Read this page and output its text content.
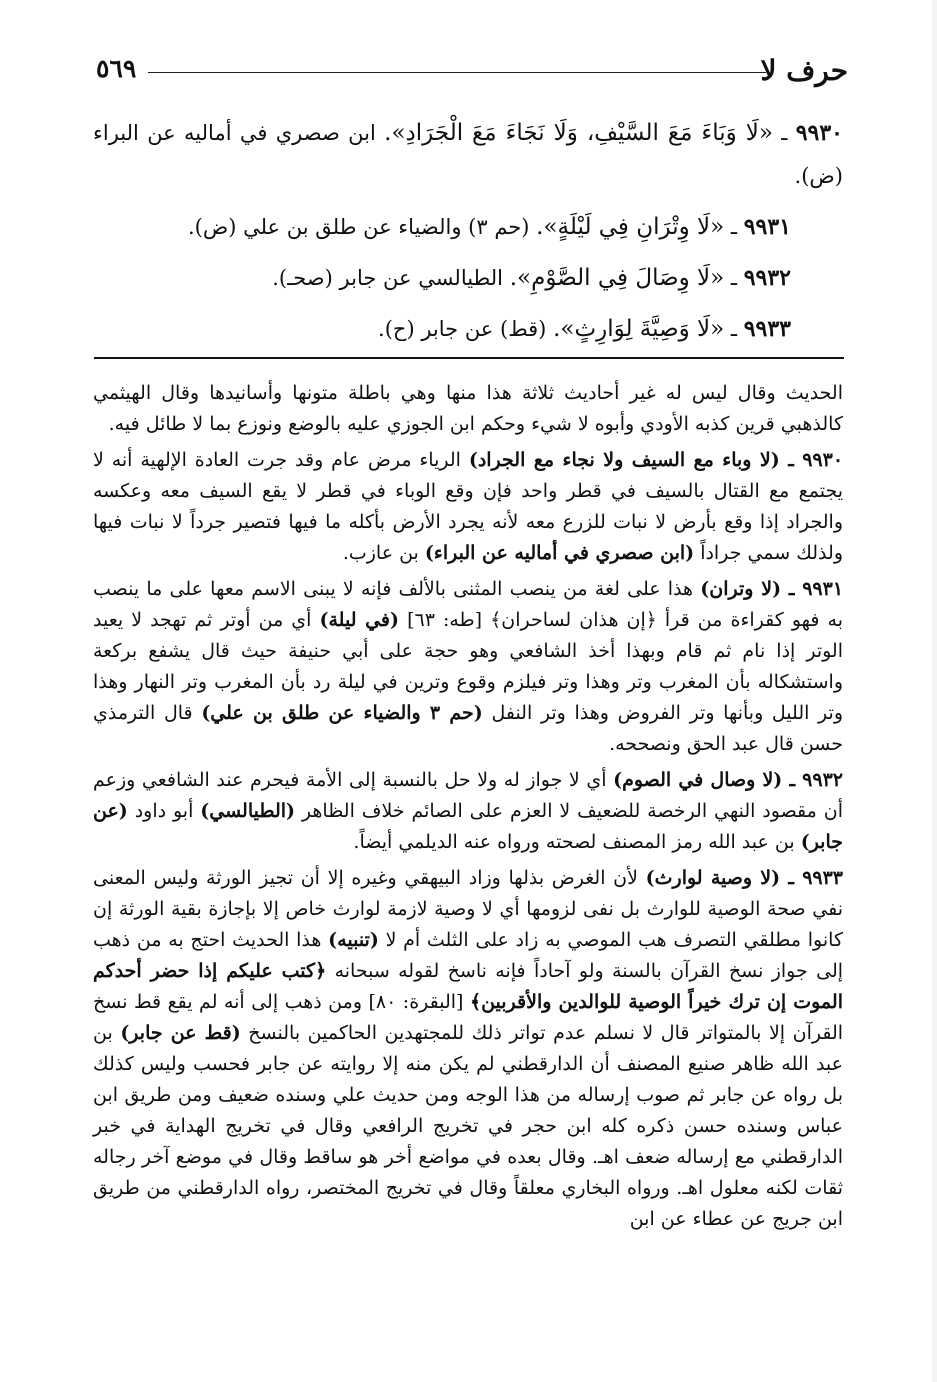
حرف لا
٥٦٩
٩٩٣٠ ـ «لَا وَبَاءَ مَعَ السَّيْفِ، وَلَا نَجَاءَ مَعَ الْجَرَادِ». ابن صصري في أماليه عن البراء (ض).
٩٩٣١ ـ «لَا وِتْرَانِ فِي لَيْلَةٍ». (حم ٣) والضياء عن طلق بن علي (ض).
٩٩٣٢ ـ «لَا وِصَالَ فِي الصَّوْمِ». الطيالسي عن جابر (صحـ).
٩٩٣٣ ـ «لَا وَصِيَّةَ لِوَارِثٍ». (قط) عن جابر (ح).

الحديث وقال ليس له غير أحاديث ثلاثة هذا منها وهي باطلة متونها وأسانيدها وقال الهيثمي كالذهبي قرين كذبه الأودي وأبوه لا شيء وحكم ابن الجوزي عليه بالوضع ونوزع بما لا طائل فيه.

٩٩٣٠ ـ (لا وباء مع السيف ولا نجاء مع الجراد) الرياء مرض عام وقد جرت العادة الإلهية أنه لا يجتمع مع القتال بالسيف في قطر واحد فإن وقع الوباء في قطر لا يقع السيف معه وعكسه والجراد إذا وقع بأرض لا نبات للزرع معه لأنه يجرد الأرض بأكله ما فيها فتصير جرداً لا نبات فيها ولذلك سمي جراداً (ابن صصري في أماليه عن البراء) بن عازب.

٩٩٣١ ـ (لا وتران) هذا على لغة من ينصب المثنى بالألف فإنه لا يبنى الاسم معها على ما ينصب به فهو كقراءة من قرأ ﴿إن هذان لساحران﴾ [طه: ٦٣] (في ليلة) أي من أوتر ثم تهجد لا يعيد الوتر إذا نام ثم قام وبهذا أخذ الشافعي وهو حجة على أبي حنيفة حيث قال يشفع بركعة واستشكاله بأن المغرب وتر وهذا وتر فيلزم وقوع وترين في ليلة رد بأن المغرب وتر النهار وهذا وتر الليل وبأنها وتر الفروض وهذا وتر النفل (حم ٣ والضياء عن طلق بن علي) قال الترمذي حسن قال عبد الحق ونصححه.

٩٩٣٢ ـ (لا وصال في الصوم) أي لا جواز له ولا حل بالنسبة إلى الأمة فيحرم عند الشافعي وزعم أن مقصود النهي الرخصة للضعيف لا العزم على الصائم خلاف الظاهر (الطيالسي) أبو داود (عن جابر) بن عبد الله رمز المصنف لصحته ورواه عنه الديلمي أيضاً.

٩٩٣٣ ـ (لا وصية لوارث) لأن الغرض بذلها وزاد البيهقي وغيره إلا أن تجيز الورثة وليس المعنى نفي صحة الوصية للوارث بل نفى لزومها أي لا وصية لازمة لوارث خاص إلا بإجازة بقية الورثة إن كانوا مطلقي التصرف هب الموصي به زاد على الثلث أم لا (تنبيه) هذا الحديث احتج به من ذهب إلى جواز نسخ القرآن بالسنة ولو آحاداً فإنه ناسخ لقوله سبحانه ﴿كتب عليكم إذا حضر أحدكم الموت إن ترك خيراً الوصية للوالدين والأقربين﴾ [البقرة: ٨٠] ومن ذهب إلى أنه لم يقع قط نسخ القرآن إلا بالمتواتر قال لا نسلم عدم تواتر ذلك للمجتهدين الحاكمين بالنسخ (قط عن جابر) بن عبد الله ظاهر صنيع المصنف أن الدارقطني لم يكن منه إلا روايته عن جابر فحسب وليس كذلك بل رواه عن جابر ثم صوب إرساله من هذا الوجه ومن حديث علي وسنده ضعيف ومن طريق ابن عباس وسنده حسن ذكره كله ابن حجر في تخريج الرافعي وقال في تخريج الهداية في خبر الدارقطني مع إرساله ضعف اهـ. وقال بعده في مواضع أخر هو ساقط وقال في موضع آخر رجاله ثقات لكنه معلول اهـ. ورواه البخاري معلقاً وقال في تخريج المختصر، رواه الدارقطني من طريق ابن جريج عن عطاء عن ابن
